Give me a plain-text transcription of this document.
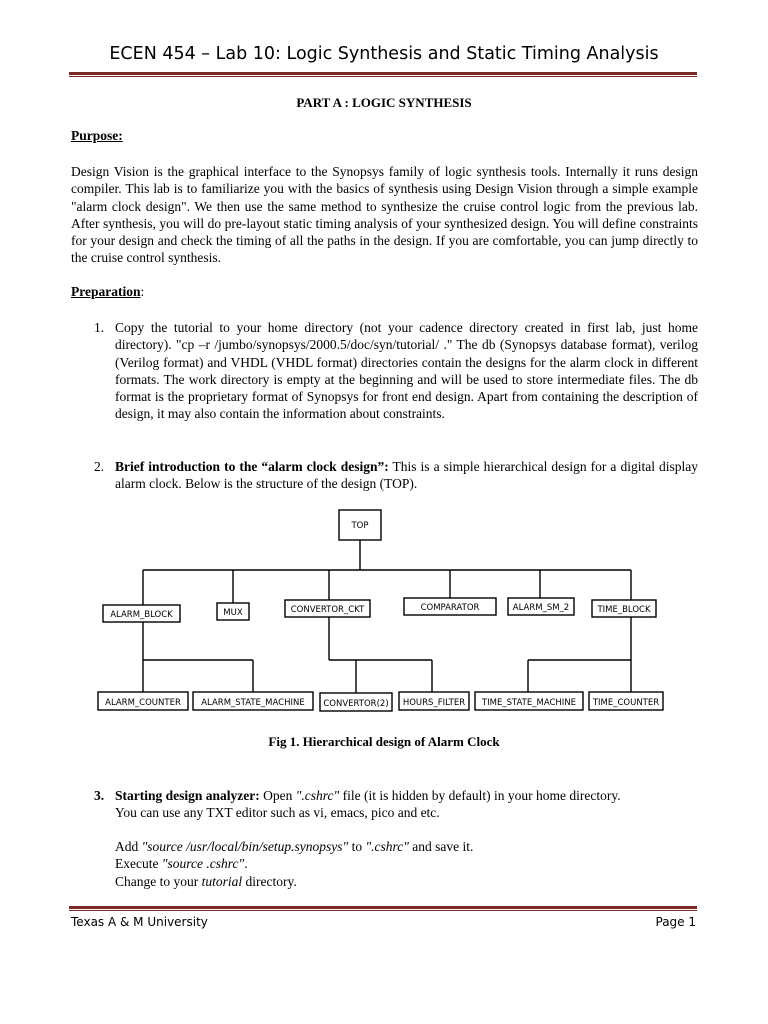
ECEN 454 – Lab 10: Logic Synthesis and Static Timing Analysis
PART A : LOGIC SYNTHESIS
Purpose:
Design Vision is the graphical interface to the Synopsys family of logic synthesis tools. Internally it runs design compiler. This lab is to familiarize you with the basics of synthesis using Design Vision through a simple example "alarm clock design". We then use the same method to synthesize the cruise control logic from the previous lab. After synthesis, you will do pre-layout static timing analysis of your synthesized design. You will define constraints for your design and check the timing of all the paths in the design. If you are comfortable, you can jump directly to the cruise control synthesis.
Preparation:
1. Copy the tutorial to your home directory (not your cadence directory created in first lab, just home directory). "cp –r /jumbo/synopsys/2000.5/doc/syn/tutorial/ ." The db (Synopsys database format), verilog (Verilog format) and VHDL (VHDL format) directories contain the designs for the alarm clock in different formats. The work directory is empty at the beginning and will be used to store intermediate files. The db format is the proprietary format of Synopsys for front end design. Apart from containing the description of design, it may also contain the information about constraints.
2. Brief introduction to the “alarm clock design”: This is a simple hierarchical design for a digital display alarm clock. Below is the structure of the design (TOP).
TOP
ALARM_BLOCK	MUX	CONVERTOR_CKT	COMPARATOR	ALARM_SM_2	TIME_BLOCK
ALARM_COUNTER ALARM_STATE_MACHINE CONVERTOR(2) HOURS_FILTER TIME_STATE_MACHINE TIME_COUNTER
Fig 1. Hierarchical design of Alarm Clock
3. Starting design analyzer: Open ".cshrc" file (it is hidden by default) in your home directory.
You can use any TXT editor such as vi, emacs, pico and etc.
Add "source /usr/local/bin/setup.synopsys" to ".cshrc" and save it.
Execute "source .cshrc".
Change to your tutorial directory.
Texas A & M University	Page 1
